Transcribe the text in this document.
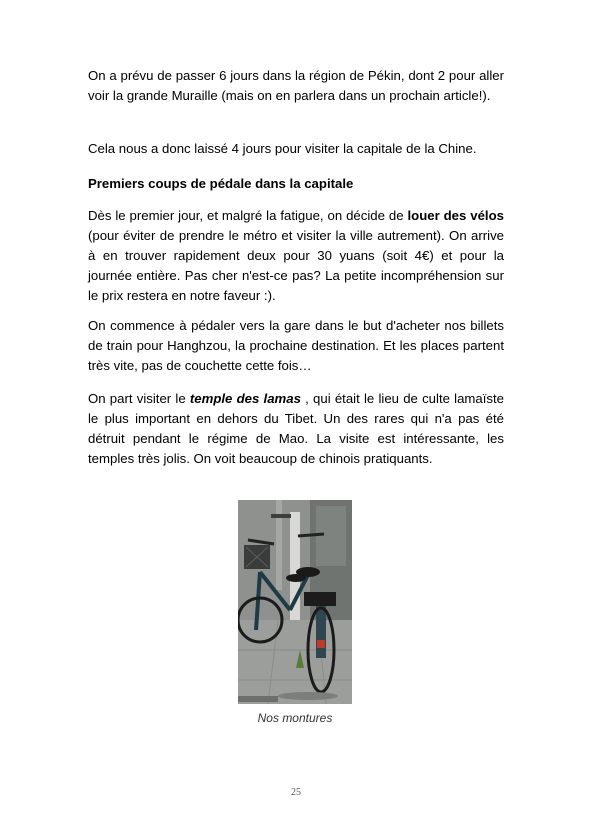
On a prévu de passer 6 jours dans la région de Pékin, dont 2 pour aller voir la grande Muraille (mais on en parlera dans un prochain article!).

Cela nous a donc laissé 4 jours pour visiter la capitale de la Chine.

Premiers coups de pédale dans la capitale

Dès le premier jour, et malgré la fatigue, on décide de louer des vélos (pour éviter de prendre le métro et visiter la ville autrement). On arrive à en trouver rapidement deux pour 30 yuans (soit 4€) et pour la journée entière. Pas cher n'est-ce pas? La petite incompréhension sur le prix restera en notre faveur :).

On commence à pédaler vers la gare dans le but d'acheter nos billets de train pour Hanghzou, la prochaine destination. Et les places partent très vite, pas de couchette cette fois…

On part visiter le temple des lamas , qui était le lieu de culte lamaïste le plus important en dehors du Tibet. Un des rares qui n'a pas été détruit pendant le régime de Mao. La visite est intéressante, les temples très jolis. On voit beaucoup de chinois pratiquants.

Nos montures
25
